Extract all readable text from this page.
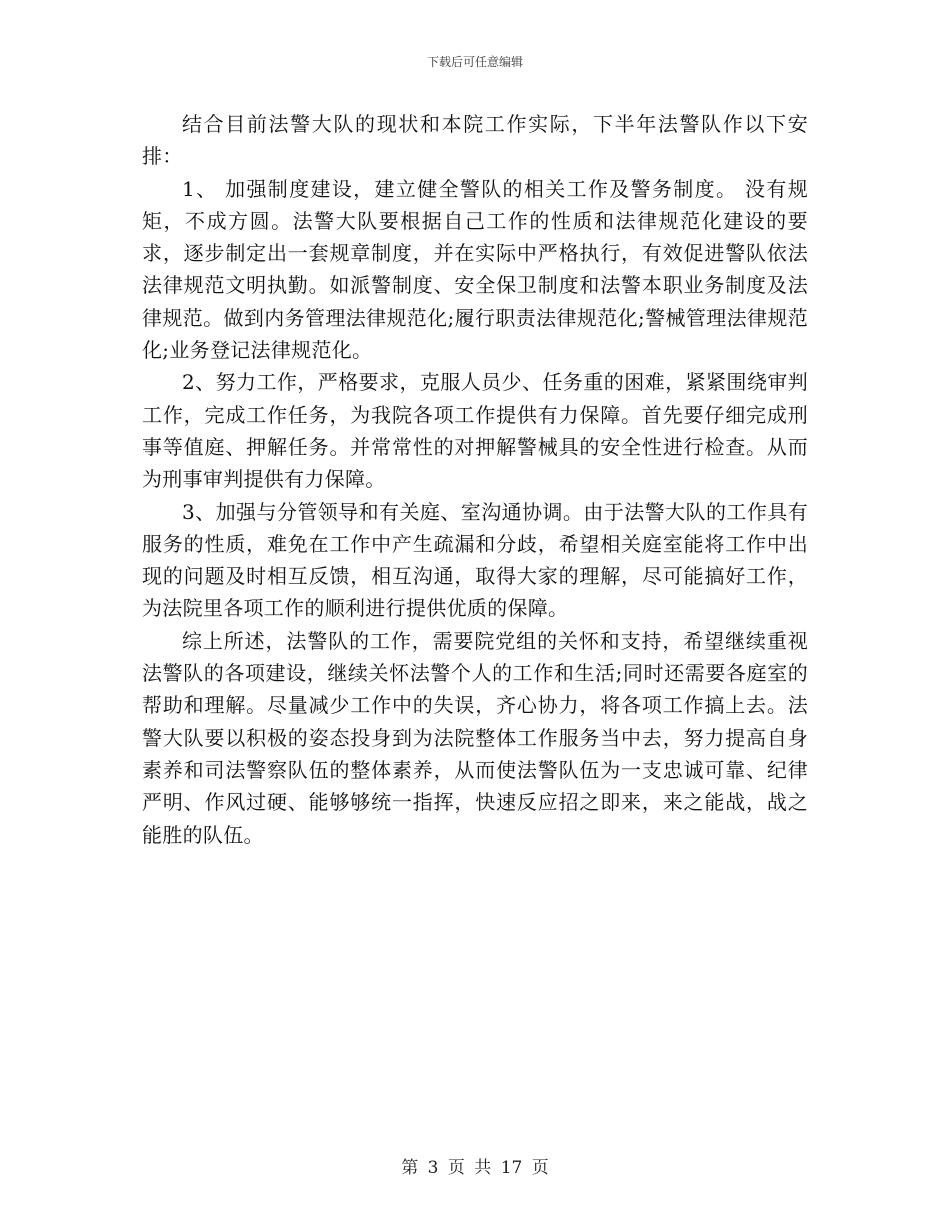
下载后可任意编辑

结合目前法警大队的现状和本院工作实际，下半年法警队作以下安排：

1、 加强制度建设，建立健全警队的相关工作及警务制度。 没有规矩，不成方圆。法警大队要根据自己工作的性质和法律规范化建设的要求，逐步制定出一套规章制度，并在实际中严格执行，有效促进警队依法法律规范文明执勤。如派警制度、安全保卫制度和法警本职业务制度及法律规范。做到内务管理法律规范化;履行职责法律规范化;警械管理法律规范化;业务登记法律规范化。

2、努力工作，严格要求，克服人员少、任务重的困难，紧紧围绕审判工作，完成工作任务，为我院各项工作提供有力保障。首先要仔细完成刑事等值庭、押解任务。并常常性的对押解警械具的安全性进行检查。从而为刑事审判提供有力保障。

3、加强与分管领导和有关庭、室沟通协调。由于法警大队的工作具有服务的性质，难免在工作中产生疏漏和分歧，希望相关庭室能将工作中出现的问题及时相互反馈，相互沟通，取得大家的理解，尽可能搞好工作，为法院里各项工作的顺利进行提供优质的保障。

综上所述，法警队的工作，需要院党组的关怀和支持，希望继续重视法警队的各项建设，继续关怀法警个人的工作和生活;同时还需要各庭室的帮助和理解。尽量减少工作中的失误，齐心协力，将各项工作搞上去。法警大队要以积极的姿态投身到为法院整体工作服务当中去，努力提高自身素养和司法警察队伍的整体素养，从而使法警队伍为一支忠诚可靠、纪律严明、作风过硬、能够够统一指挥，快速反应招之即来，来之能战，战之能胜的队伍。

第 3 页 共 17 页
